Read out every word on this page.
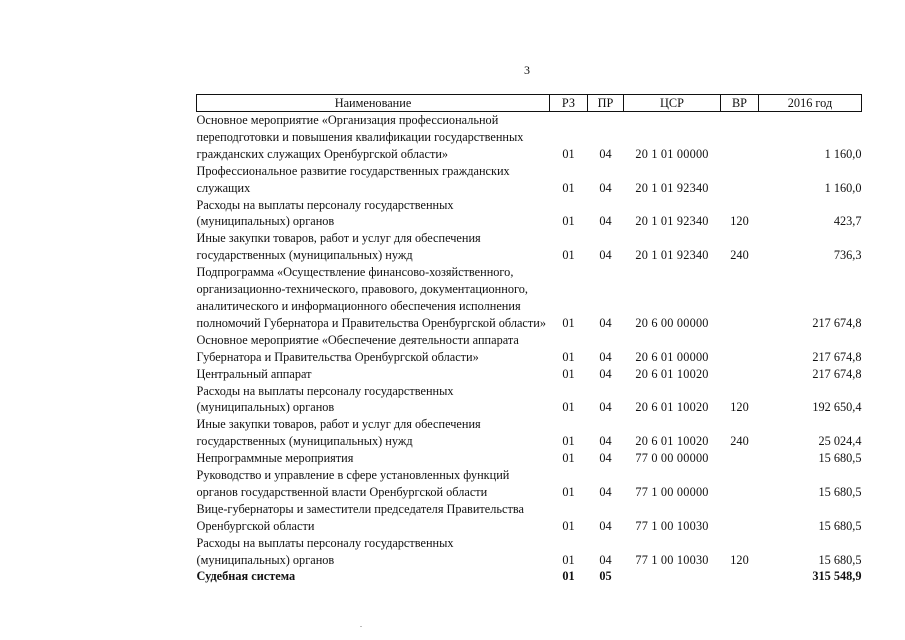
3
Наименование	РЗ	ПР	ЦСР	ВР	2016 год
Основное мероприятие «Организация профессиональной переподготовки и повышения квалификации государственных гражданских служащих Оренбургской области»	01	04	20 1 01 00000		1 160,0
Профессиональное развитие государственных гражданских служащих	01	04	20 1 01 92340		1 160,0
Расходы на выплаты персоналу государственных (муниципальных) органов	01	04	20 1 01 92340	120	423,7
Иные закупки товаров, работ и услуг для обеспечения государственных (муниципальных) нужд	01	04	20 1 01 92340	240	736,3
Подпрограмма «Осуществление финансово-хозяйственного, организационно-технического, правового, документационного, аналитического и информационного обеспечения исполнения полномочий Губернатора и Правительства Оренбургской области»	01	04	20 6 00 00000		217 674,8
Основное мероприятие «Обеспечение деятельности аппарата Губернатора и Правительства Оренбургской области»	01	04	20 6 01 00000		217 674,8
Центральный аппарат	01	04	20 6 01 10020		217 674,8
Расходы на выплаты персоналу государственных (муниципальных) органов	01	04	20 6 01 10020	120	192 650,4
Иные закупки товаров, работ и услуг для обеспечения государственных (муниципальных) нужд	01	04	20 6 01 10020	240	25 024,4
Непрограммные мероприятия	01	04	77 0 00 00000		15 680,5
Руководство и управление в сфере установленных функций органов государственной власти Оренбургской области	01	04	77 1 00 00000		15 680,5
Вице-губернаторы и заместители председателя Правительства Оренбургской области	01	04	77 1 00 10030		15 680,5
Расходы на выплаты персоналу государственных (муниципальных) органов	01	04	77 1 00 10030	120	15 680,5
Судебная система	01	05			315 548,9
